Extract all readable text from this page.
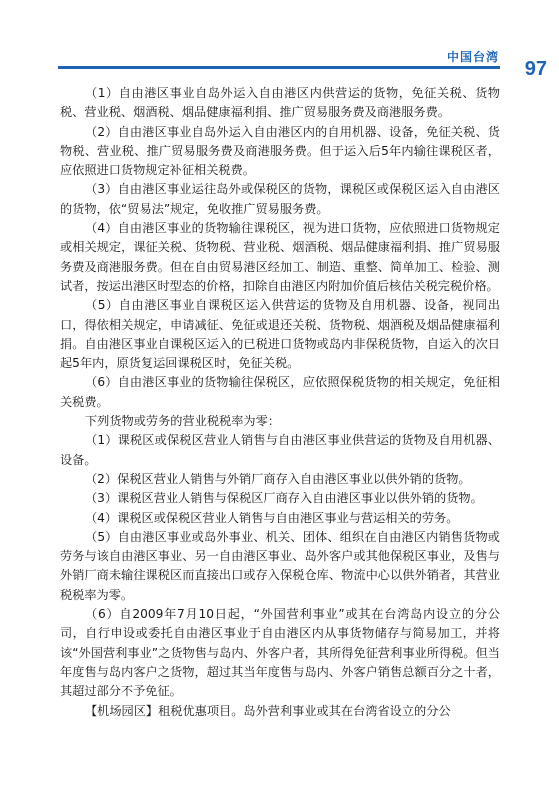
中国台湾
97

（1）自由港区事业自岛外运入自由港区内供营运的货物，免征关税、货物税、营业税、烟酒税、烟品健康福利捐、推广贸易服务费及商港服务费。

（2）自由港区事业自岛外运入自由港区内的自用机器、设备，免征关税、货物税、营业税、推广贸易服务费及商港服务费。但于运入后5年内输往课税区者，应依照进口货物规定补征相关税费。

（3）自由港区事业运往岛外或保税区的货物，课税区或保税区运入自由港区的货物，依“贸易法”规定，免收推广贸易服务费。

（4）自由港区事业的货物输往课税区，视为进口货物，应依照进口货物规定或相关规定，课征关税、货物税、营业税、烟酒税、烟品健康福利捐、推广贸易服务费及商港服务费。但在自由贸易港区经加工、制造、重整、简单加工、检验、测试者，按运出港区时型态的价格，扣除自由港区内附加价值后核估关税完税价格。

（5）自由港区事业自课税区运入供营运的货物及自用机器、设备，视同出口，得依相关规定，申请减征、免征或退还关税、货物税、烟酒税及烟品健康福利捐。自由港区事业自课税区运入的已税进口货物或岛内非保税货物，自运入的次日起5年内，原货复运回课税区时，免征关税。

（6）自由港区事业的货物输往保税区，应依照保税货物的相关规定，免征相关税费。

下列货物或劳务的营业税税率为零：

（1）课税区或保税区营业人销售与自由港区事业供营运的货物及自用机器、设备。

（2）保税区营业人销售与外销厂商存入自由港区事业以供外销的货物。

（3）课税区营业人销售与保税区厂商存入自由港区事业以供外销的货物。

（4）课税区或保税区营业人销售与自由港区事业与营运相关的劳务。

（5）自由港区事业或岛外事业、机关、团体、组织在自由港区内销售货物或劳务与该自由港区事业、另一自由港区事业、岛外客户或其他保税区事业，及售与外销厂商未输往课税区而直接出口或存入保税仓库、物流中心以供外销者，其营业税税率为零。

（6）自2009年7月10日起，“外国营利事业”或其在台湾岛内设立的分公司，自行申设或委托自由港区事业于自由港区内从事货物储存与简易加工，并将该“外国营利事业”之货物售与岛内、外客户者，其所得免征营利事业所得税。但当年度售与岛内客户之货物，超过其当年度售与岛内、外客户销售总额百分之十者，其超过部分不予免征。

【机场园区】租税优惠项目。岛外营利事业或其在台湾省设立的分公
